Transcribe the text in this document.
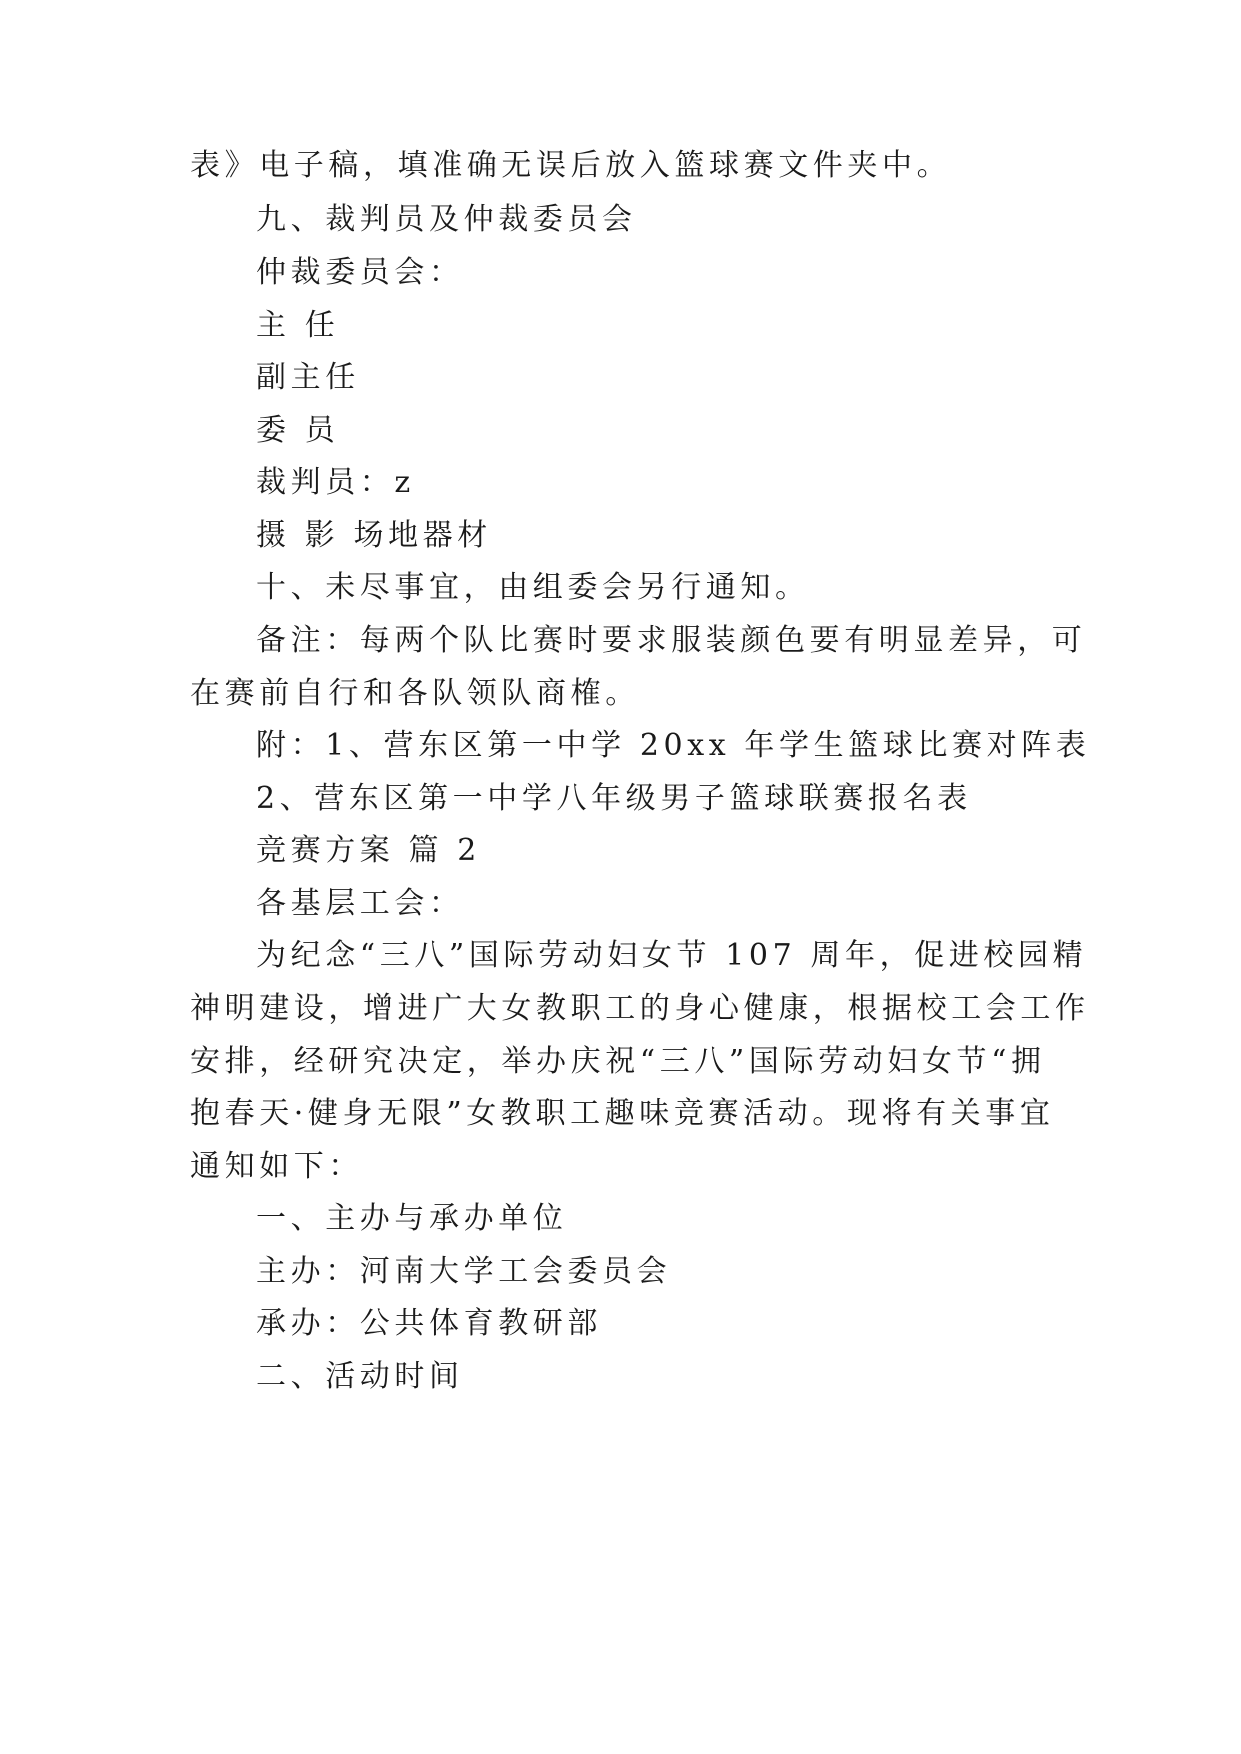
表》电子稿，填准确无误后放入篮球赛文件夹中。
九、裁判员及仲裁委员会
仲裁委员会：
主 任
副主任
委 员
裁判员：z
摄 影 场地器材
十、未尽事宜，由组委会另行通知。
备注：每两个队比赛时要求服装颜色要有明显差异，可
在赛前自行和各队领队商榷。
附：1、营东区第一中学 20xx 年学生篮球比赛对阵表
2、营东区第一中学八年级男子篮球联赛报名表
竞赛方案 篇 2
各基层工会：
为纪念“三八”国际劳动妇女节 107 周年，促进校园精
神明建设，增进广大女教职工的身心健康，根据校工会工作
安排，经研究决定，举办庆祝“三八”国际劳动妇女节“拥
抱春天·健身无限”女教职工趣味竞赛活动。现将有关事宜
通知如下：
一、主办与承办单位
主办：河南大学工会委员会
承办：公共体育教研部
二、活动时间
